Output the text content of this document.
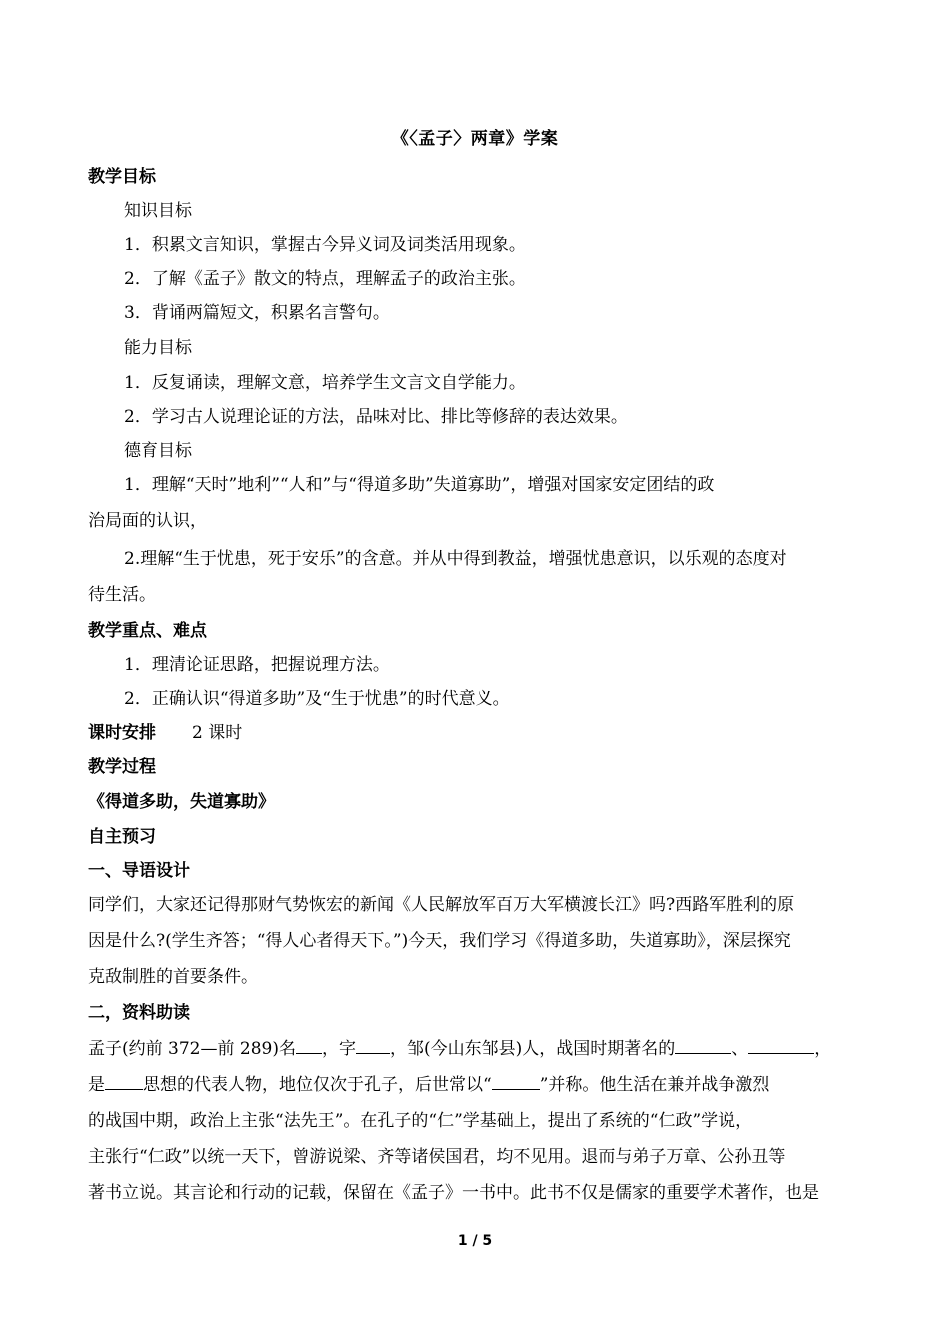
《〈孟子〉两章》学案
教学目标
知识目标
1．积累文言知识，掌握古今异义词及词类活用现象。
2．了解《孟子》散文的特点，理解孟子的政治主张。
3．背诵两篇短文，积累名言警句。
能力目标
1．反复诵读，理解文意，培养学生文言文自学能力。
2．学习古人说理论证的方法，品味对比、排比等修辞的表达效果。
德育目标
1．理解“天时”地利”“人和”与“得道多助”失道寡助”，增强对国家安定团结的政
治局面的认识，
2.理解“生于忧患，死于安乐”的含意。并从中得到教益，增强忧患意识，以乐观的态度对
待生活。
教学重点、难点
1．理清论证思路，把握说理方法。
2．正确认识“得道多助”及“生于忧患”的时代意义。
课时安排 2 课时
教学过程
《得道多助，失道寡助》
自主预习
一、导语设计
同学们，大家还记得那财气势恢宏的新闻《人民解放军百万大军横渡长江》吗?西路军胜利的原
因是什么?(学生齐答；“得人心者得天下。”)今天，我们学习《得道多助，失道寡助》，深层探究
克敌制胜的首要条件。
二，资料助读
孟子(约前 372—前 289)名 ，字 ，邹(今山东邹县)人，战国时期著名的	、	，
是 思想的代表人物，地位仅次于孔子，后世常以“	”并称。他生活在兼并战争激烈
的战国中期，政治上主张“法先王”。在孔子的“仁”学基础上，提出了系统的“仁政”学说，
主张行“仁政”以统一天下，曾游说梁、齐等诸侯国君，均不见用。退而与弟子万章、公孙丑等
著书立说。其言论和行动的记载，保留在《孟子》一书中。此书不仅是儒家的重要学术著作，也是
1 / 5
